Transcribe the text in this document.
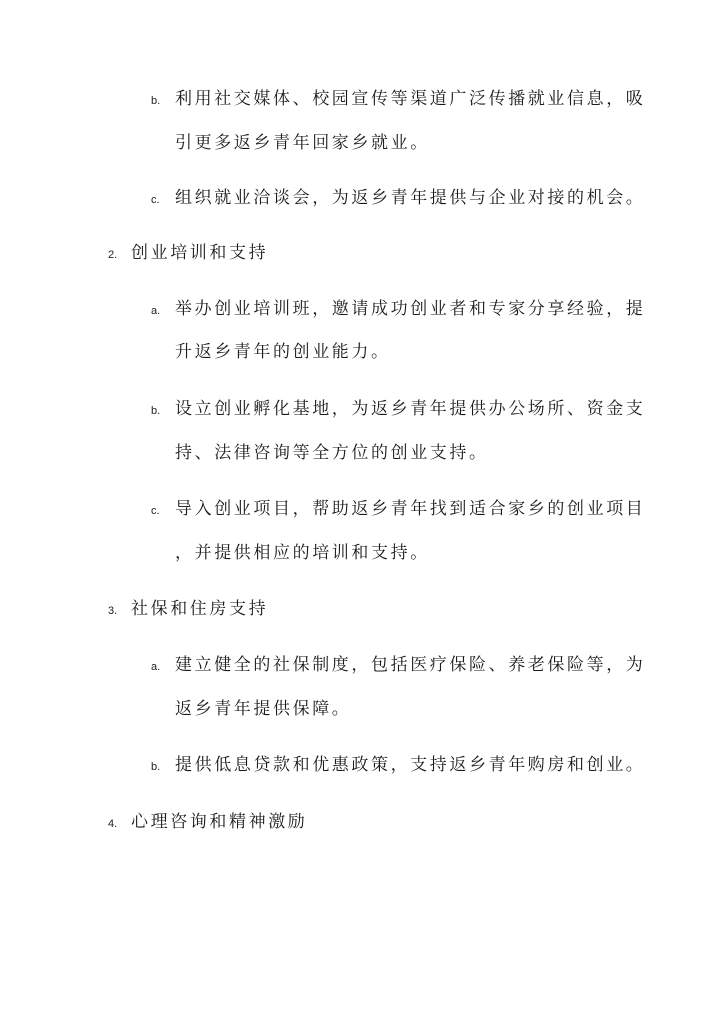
b. 利用社交媒体、校园宣传等渠道广泛传播就业信息，吸
引更多返乡青年回家乡就业。
c. 组织就业洽谈会，为返乡青年提供与企业对接的机会。
2. 创业培训和支持
a. 举办创业培训班，邀请成功创业者和专家分享经验，提
升返乡青年的创业能力。
b. 设立创业孵化基地，为返乡青年提供办公场所、资金支
持、法律咨询等全方位的创业支持。
c. 导入创业项目，帮助返乡青年找到适合家乡的创业项目
，并提供相应的培训和支持。
3. 社保和住房支持
a. 建立健全的社保制度，包括医疗保险、养老保险等，为
返乡青年提供保障。
b. 提供低息贷款和优惠政策，支持返乡青年购房和创业。
4. 心理咨询和精神激励
